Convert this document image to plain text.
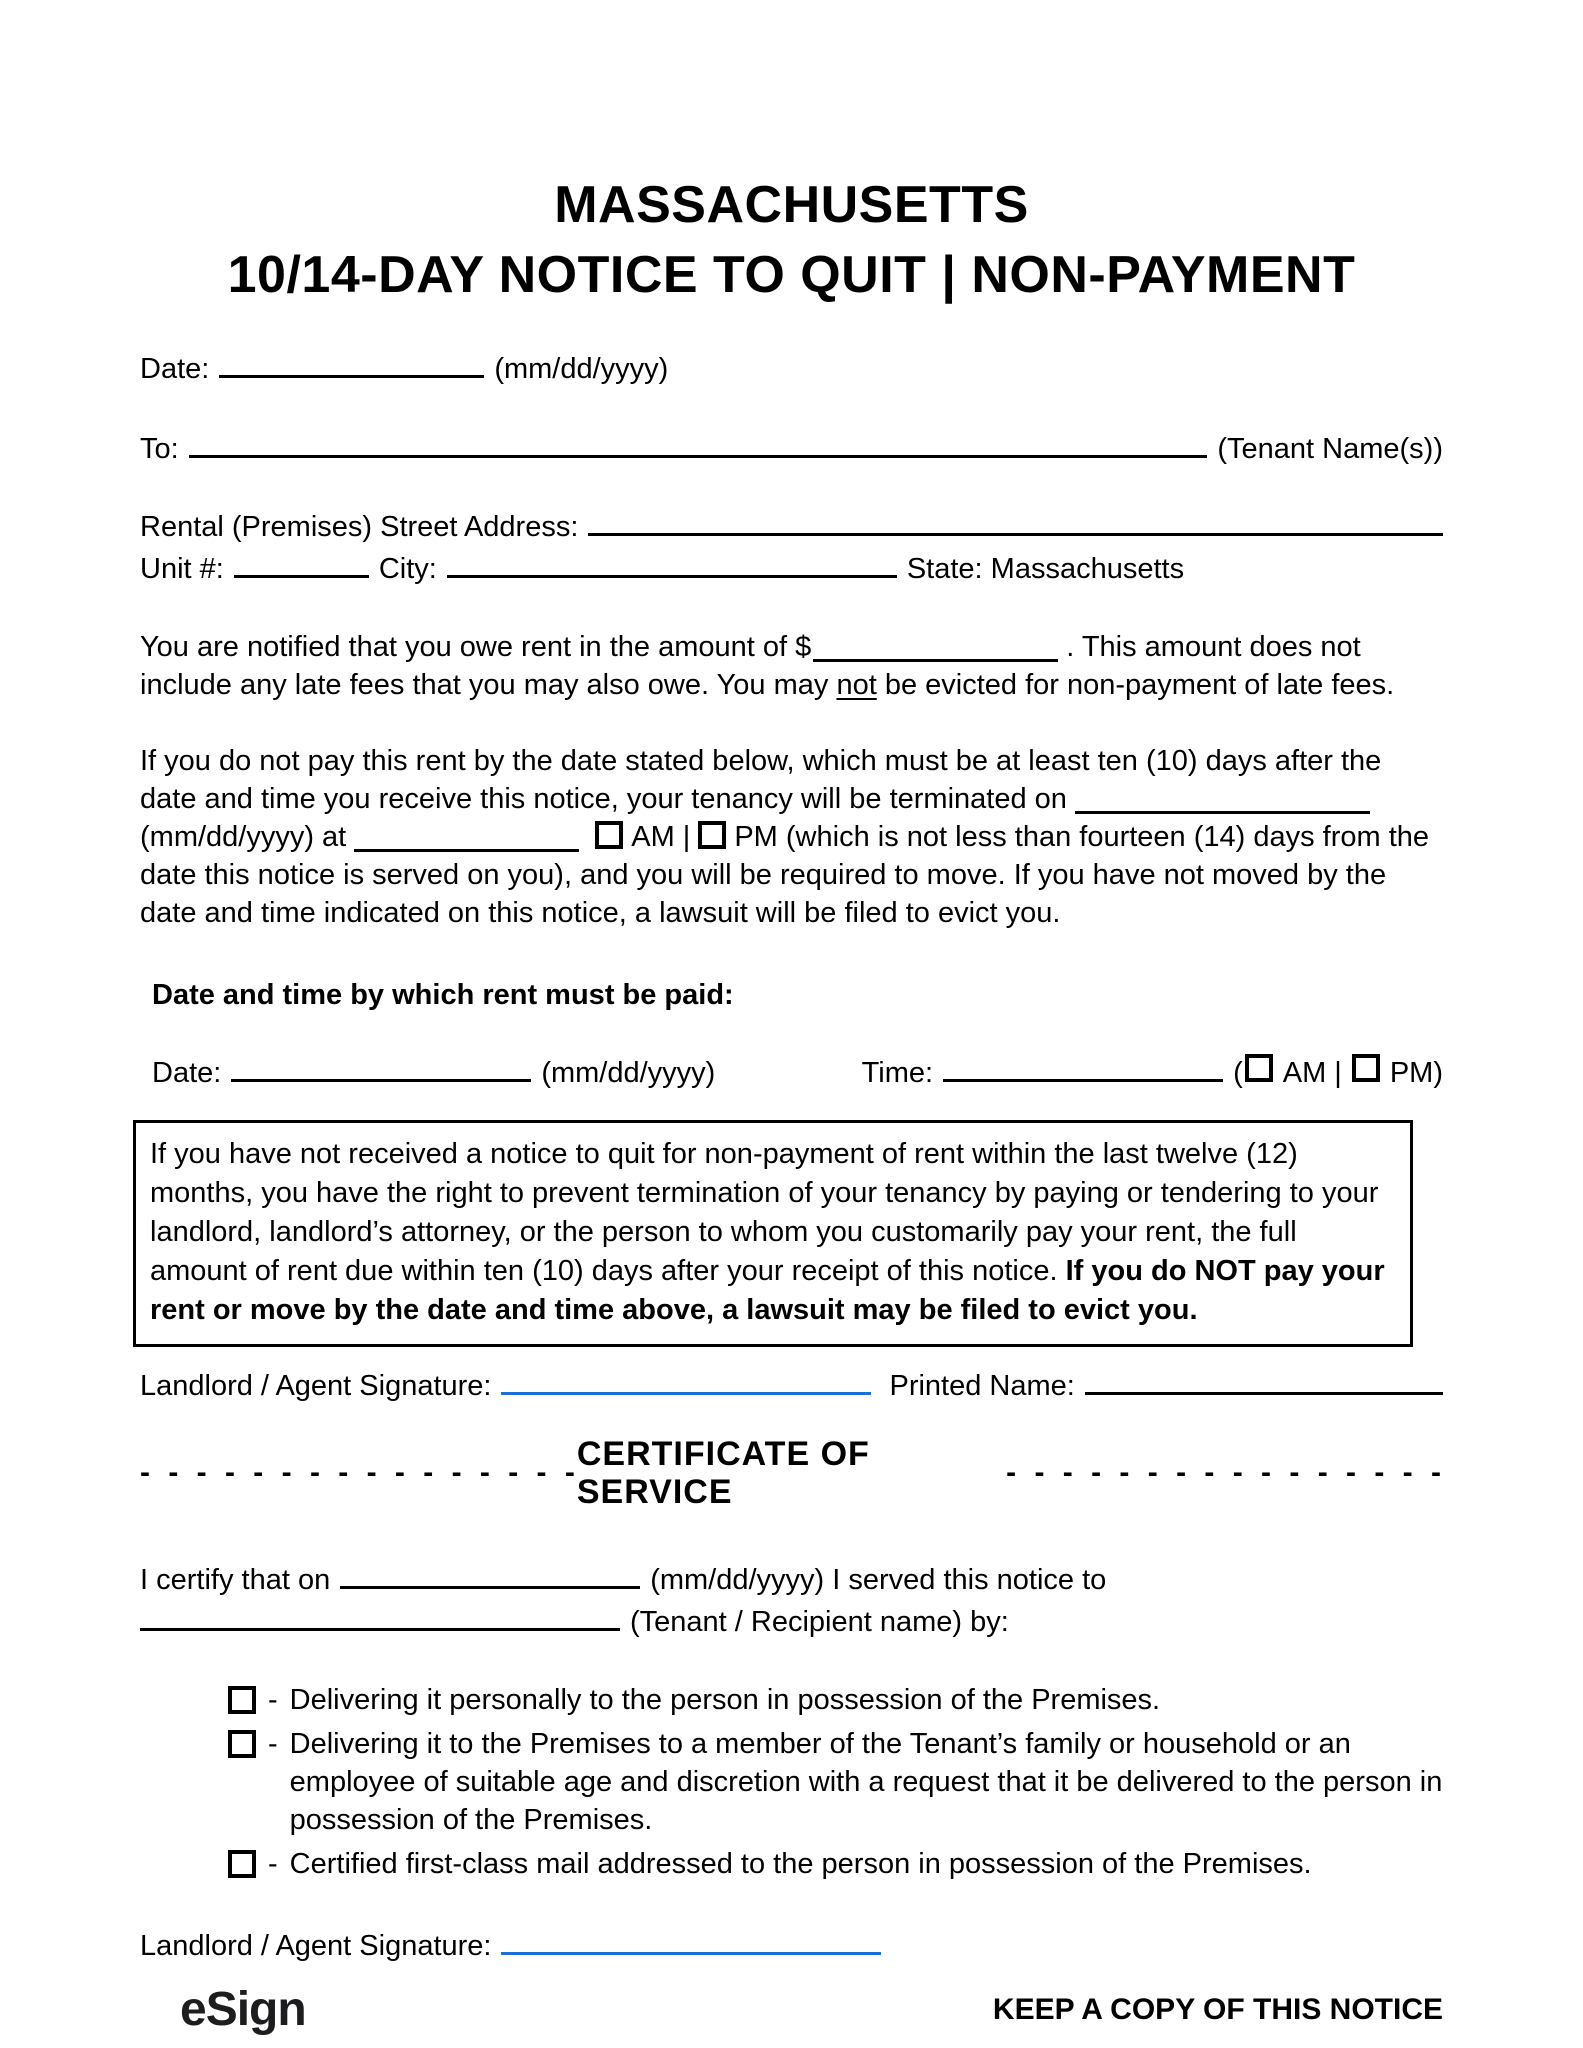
MASSACHUSETTS
10/14-DAY NOTICE TO QUIT | NON-PAYMENT
Date:	(mm/dd/yyyy)
To:	(Tenant Name(s))
Rental (Premises) Street Address:
Unit #:	City:	State: Massachusetts

You are notified that you owe rent in the amount of $	. This amount does not include any late fees that you may also owe. You may not be evicted for non-payment of late fees.

If you do not pay this rent by the date stated below, which must be at least ten (10) days after the date and time you receive this notice, your tenancy will be terminated on(mm/dd/yyyy) at	AM | PM (which is not less than fourteen (14) days from the date this notice is served on you), and you will be required to move. If you have not moved by the date and time indicated on this notice, a lawsuit will be filed to evict you.

Date and time by which rent must be paid:
Date:	(mm/dd/yyyy)	Time:	( AM | PM)
If you have not received a notice to quit for non-payment of rent within the last twelve (12) months, you have the right to prevent termination of your tenancy by paying or tendering to your landlord, landlord’s attorney, or the person to whom you customarily pay your rent, the full amount of rent due within ten (10) days after your receipt of this notice. If you do NOT pay your rent or move by the date and time above, a lawsuit may be filed to evict you.
Landlord / Agent Signature:	Printed Name:
- - - - - - - - - - - - - - - - CERTIFICATE OF SERVICE
- - - - - - - - - - - - - - - -
I certify that on	(mm/dd/yyyy) I served this notice to
(Tenant / Recipient name) by:
- Delivering it personally to the person in possession of the Premises.
- Delivering it to the Premises to a member of the Tenant’s family or household or an employee of suitable age and discretion with a request that it be delivered to the person in possession of the Premises.
- Certified first-class mail addressed to the person in possession of the Premises.
Landlord / Agent Signature:
eSign	KEEP A COPY OF THIS NOTICE
